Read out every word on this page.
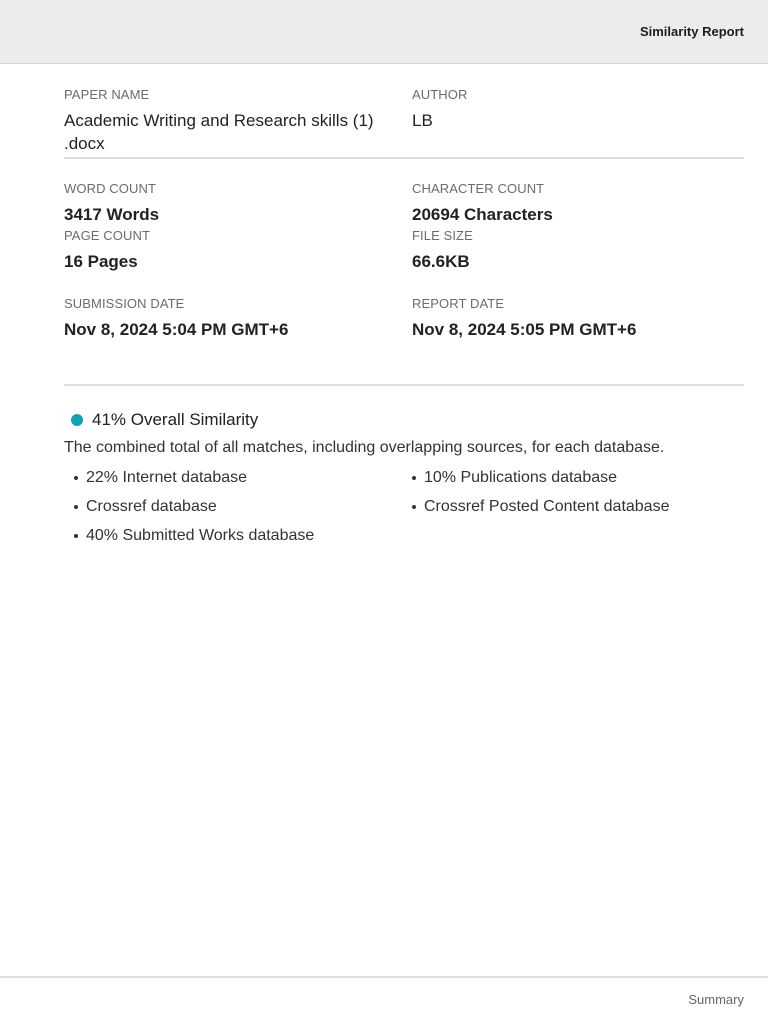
Similarity Report
PAPER NAME
Academic Writing and Research skills (1) .docx
AUTHOR
LB
WORD COUNT
3417 Words
CHARACTER COUNT
20694 Characters
PAGE COUNT
16 Pages
FILE SIZE
66.6KB
SUBMISSION DATE
Nov 8, 2024 5:04 PM GMT+6
REPORT DATE
Nov 8, 2024 5:05 PM GMT+6
41% Overall Similarity
The combined total of all matches, including overlapping sources, for each database.
22% Internet database
Crossref database
40% Submitted Works database
10% Publications database
Crossref Posted Content database
Summary
